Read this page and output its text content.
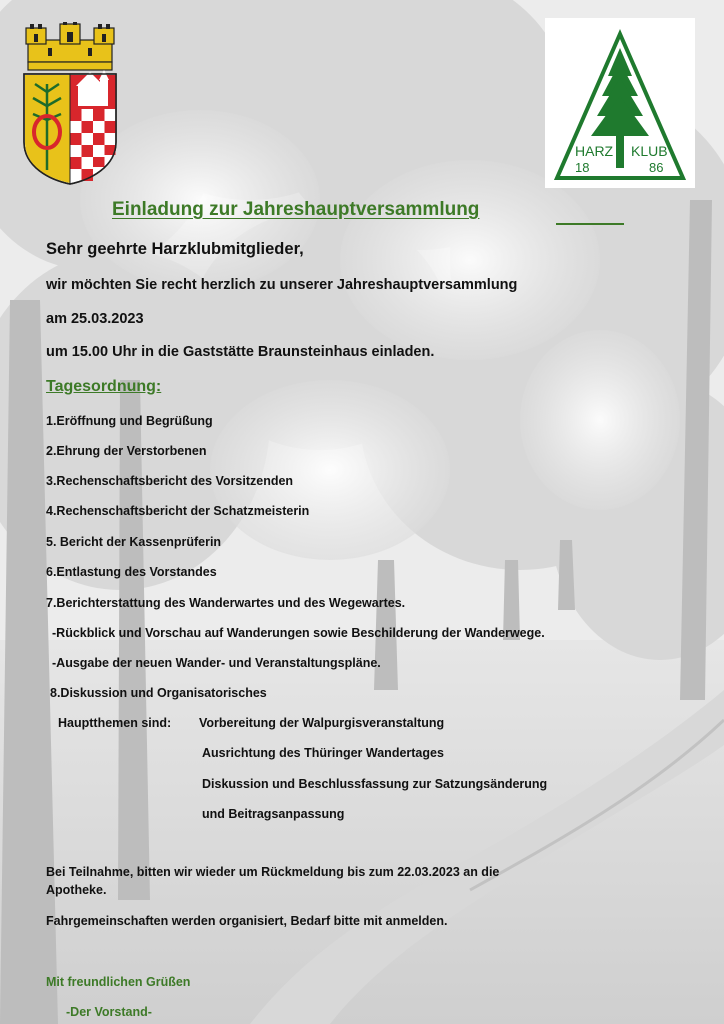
HARZ KLUB
18	86
Einladung zur Jahreshauptversammlung
Sehr geehrte Harzklubmitglieder,
wir möchten Sie recht herzlich zu unserer Jahreshauptversammlung
am 25.03.2023
um 15.00 Uhr in die Gaststätte Braunsteinhaus einladen.
Tagesordnung:
1.Eröffnung und Begrüßung
2.Ehrung der Verstorbenen
3.Rechenschaftsbericht des Vorsitzenden
4.Rechenschaftsbericht der Schatzmeisterin
5. Bericht der Kassenprüferin
6.Entlastung des Vorstandes
7.Berichterstattung des Wanderwartes und des Wegewartes.
-Rückblick und Vorschau auf Wanderungen sowie Beschilderung der Wanderwege.
-Ausgabe der neuen Wander- und Veranstaltungspläne.
8.Diskussion und Organisatorisches
Hauptthemen sind: Vorbereitung der Walpurgisveranstaltung
Ausrichtung des Thüringer Wandertages
Diskussion und Beschlussfassung zur Satzungsänderung
und Beitragsanpassung
Bei Teilnahme, bitten wir wieder um Rückmeldung bis zum 22.03.2023 an die
Apotheke.
Fahrgemeinschaften werden organisiert, Bedarf bitte mit anmelden.
Mit freundlichen Grüßen
-Der Vorstand-
